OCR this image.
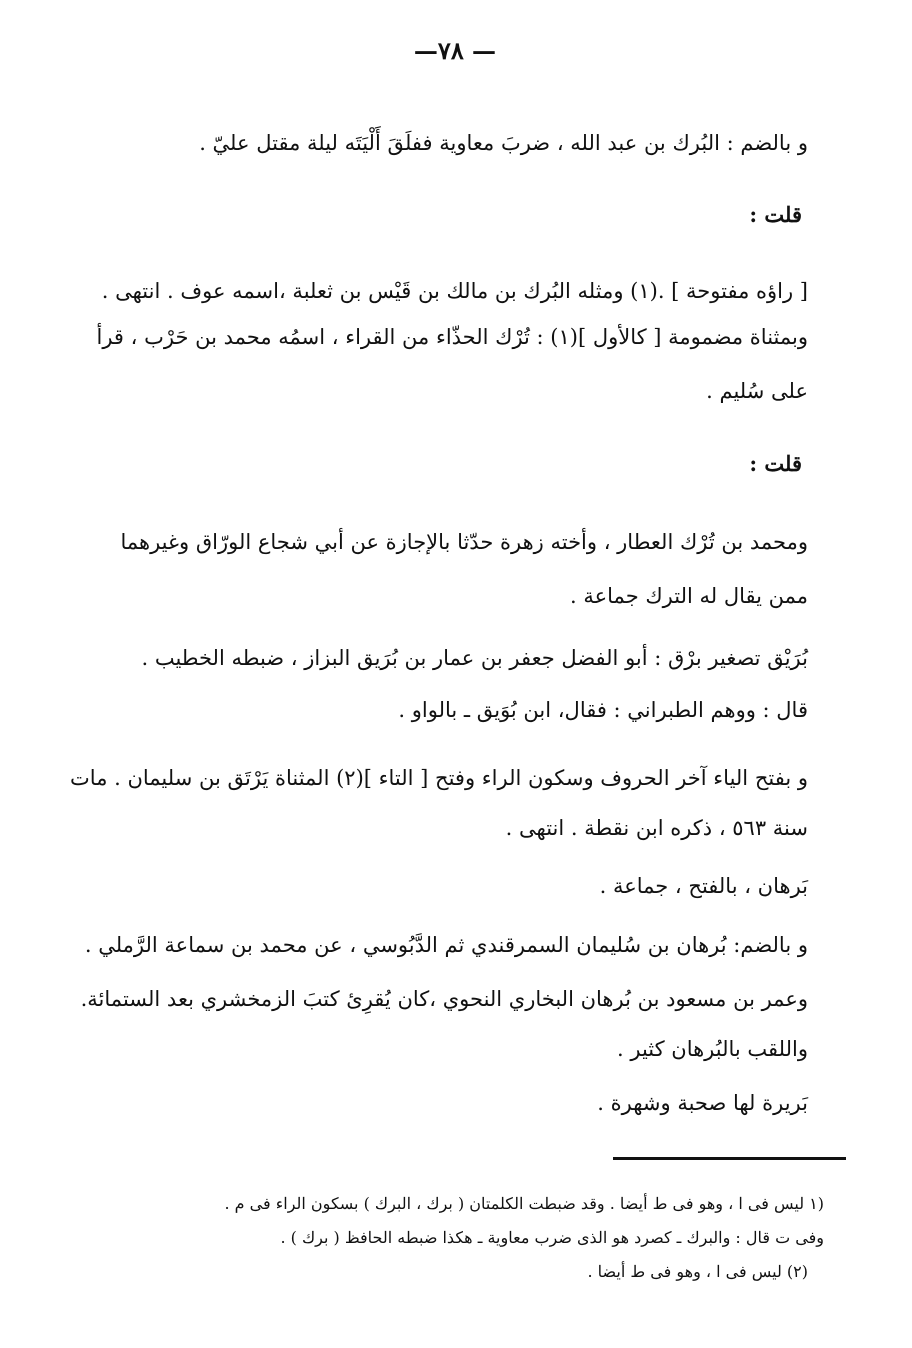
— ٧٨—
و بالضم : البُرك بن عبد الله ، ضربَ معاوية ففلَقَ أَلْيَتَه ليلة مقتل عليّ .
قلت :
[ راؤه مفتوحة ] .(١) ومثله البُرك بن مالك بن قَيْس بن ثعلبة ،اسمه عوف . انتهى .
وبمثناة مضمومة [ كالأول ](١) : تُرْك الحذّاء من القراء ، اسمُه محمد بن حَرْب ، قرأ
على سُليم .
قلت :
ومحمد بن تُرْك العطار ، وأخته زهرة حدّثا بالإجازة عن أبي شجاع الورّاق وغيرهما
ممن يقال له الترك جماعة .
بُرَيْق تصغير برْق : أبو الفضل جعفر بن عمار بن بُرَيق البزاز ، ضبطه الخطيب .
قال : ووهم الطبراني : فقال، ابن بُوَيق ـ بالواو .
و بفتح الياء آخر الحروف وسكون الراء وفتح [ التاء ](٢) المثناة يَرْتَق بن سليمان . مات
سنة ٥٦٣ ، ذكره ابن نقطة . انتهى .
بَرهان ، بالفتح ، جماعة .
و بالضم: بُرهان بن سُليمان السمرقندي ثم الدَّبُوسي ، عن محمد بن سماعة الرَّملي .
وعمر بن مسعود بن بُرهان البخاري النحوي ،كان يُقرِئ كتبَ الزمخشري بعد الستمائة.
واللقب بالبُرهان كثير .
بَريرة لها صحبة وشهرة .
(١ ليس فى ا ، وهو فى ط أيضا . وقد ضبطت الكلمتان ( برك ، البرك ) بسكون الراء فى م .
وفى ت قال : والبرك ـ كصرد هو الذى ضرب معاوية ـ هكذا ضبطه الحافظ ( برك ) .
(٢) ليس فى ا ، وهو فى ط أيضا .
